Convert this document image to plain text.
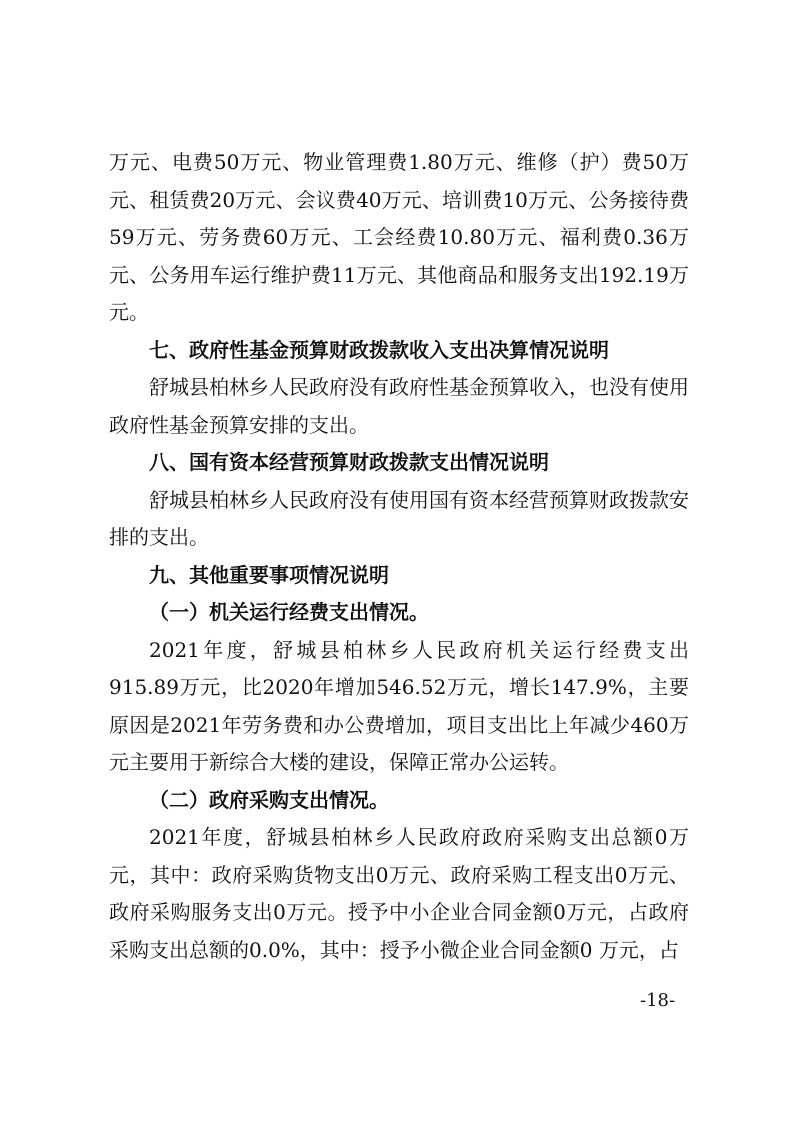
万元、电费50万元、物业管理费1.80万元、维修（护）费50万元、租赁费20万元、会议费40万元、培训费10万元、公务接待费59万元、劳务费60万元、工会经费10.80万元、福利费0.36万元、公务用车运行维护费11万元、其他商品和服务支出192.19万元。

七、政府性基金预算财政拨款收入支出决算情况说明

舒城县柏林乡人民政府没有政府性基金预算收入，也没有使用政府性基金预算安排的支出。

八、国有资本经营预算财政拨款支出情况说明

舒城县柏林乡人民政府没有使用国有资本经营预算财政拨款安排的支出。

九、其他重要事项情况说明

（一）机关运行经费支出情况。

2021年度，舒城县柏林乡人民政府机关运行经费支出915.89万元，比2020年增加546.52万元，增长147.9%，主要原因是2021年劳务费和办公费增加，项目支出比上年减少460万元主要用于新综合大楼的建设，保障正常办公运转。

（二）政府采购支出情况。

2021年度，舒城县柏林乡人民政府政府采购支出总额0万元，其中：政府采购货物支出0万元、政府采购工程支出0万元、政府采购服务支出0万元。授予中小企业合同金额0万元，占政府采购支出总额的0.0%，其中：授予小微企业合同金额0 万元，占

-18-
